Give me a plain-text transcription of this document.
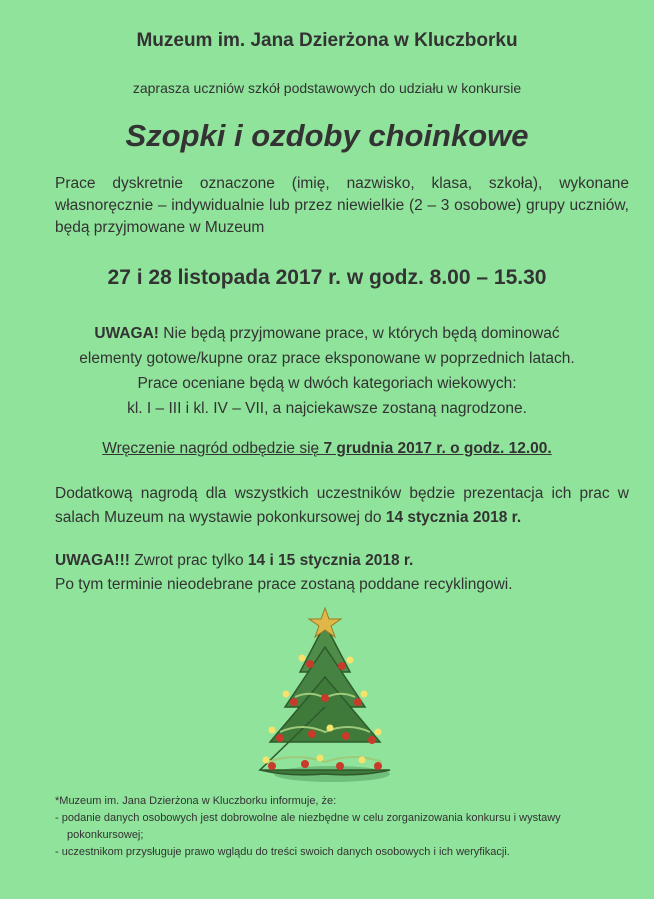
Muzeum im. Jana Dzierżona w Kluczborku
zaprasza uczniów szkół podstawowych do udziału w konkursie
Szopki i ozdoby choinkowe
Prace dyskretnie oznaczone (imię, nazwisko, klasa, szkoła), wykonane własnoręcznie – indywidualnie lub przez niewielkie (2 – 3 osobowe) grupy uczniów, będą przyjmowane w Muzeum
27 i 28 listopada 2017 r. w godz. 8.00 – 15.30
UWAGA! Nie będą przyjmowane prace, w których będą dominować
elementy gotowe/kupne oraz prace eksponowane w poprzednich latach.
Prace oceniane będą w dwóch kategoriach wiekowych:
kl. I – III i kl. IV – VII, a najciekawsze zostaną nagrodzone.
Wręczenie nagród odbędzie się 7 grudnia 2017 r. o godz. 12.00.
Dodatkową nagrodą dla wszystkich uczestników będzie prezentacja ich prac w salach Muzeum na wystawie pokonkursowej do 14 stycznia 2018 r.
UWAGA!!! Zwrot prac tylko 14 i 15 stycznia 2018 r.
Po tym terminie nieodebrane prace zostaną poddane recyklingowi.
*Muzeum im. Jana Dzierżona w Kluczborku informuje, że:
- podanie danych osobowych jest dobrowolne ale niezbędne w celu zorganizowania konkursu i wystawy pokonkursowej;
- uczestnikom przysługuje prawo wglądu do treści swoich danych osobowych i ich weryfikacji.
